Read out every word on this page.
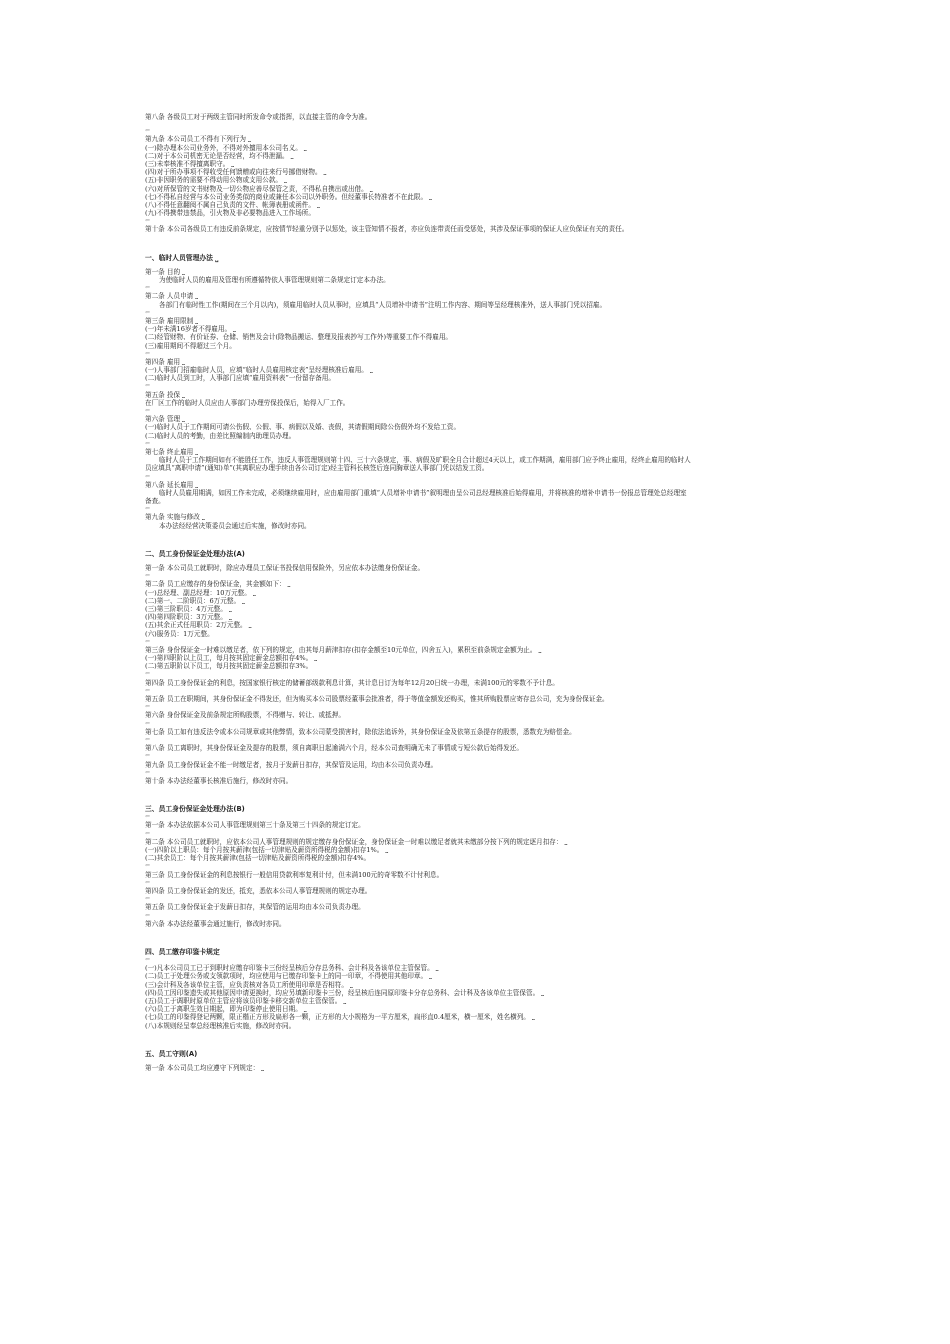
第八条 各级员工对于两级主管同时所发命令或指挥，以直接主管的命令为准。
⇐
第九条 本公司员工不得有下列行为 ⎵
(一)除办理本公司业务外，不得对外擅用本公司名义。 ⎵
(二)对于本公司机密无论是否经营，均不得泄漏。 ⎵
(三)未奉核准不得擅离职守。 ⎵
(四)对于所办事项不得收受任何馈赠或向往来行号挪借财物。 ⎵
(五)非因职务的需要不得动用公物或支用公款。 ⎵
(六)对所保管的文书财物及一切公物应善尽保管之责，不得私自携出或出借。 ⎵
(七)不得私自经营与本公司业务类似的商业或兼任本公司以外职务。但经董事长特准者不在此限。 ⎵
(八)不得任意翻阅不属自己负责的文件、帐簿表册或函件。 ⎵
(九)不得携带违禁品，引火物及非必要物品进入工作场所。
⇐
第十条 本公司各级员工有违反前条规定，应按情节轻重分别予以惩处，该主管知情不报者，亦应负连带责任而受惩处，其涉及保证事项的保证人应负保证有关的责任。
一、临时人员管理办法 ⎵
第一条 目的 ⎵
为使临时人员的雇用及管理有所遵循特依人事管理规则第二条规定订定本办法。
⇐
第二条 人员申请 ⎵
各部门有临时性工作(期间在三个月以内)，须雇用临时人员从事时，应填具“人员增补申请书”注明工作内容、期间等呈经理核准外，送人事部门凭以招雇。
⇐
第三条 雇用限制 ⎵
(一)年未满16岁者不得雇用。 ⎵
(二)经管财物、有价证券、仓储、销售及会计(除物品搬运、整理及报表抄写工作外)等重要工作不得雇用。
(三)雇用期间不得超过三个月。
⇐
第四条 雇用 ⎵
(一)人事部门招雇临时人员，应填“临时人员雇用核定表”呈经理核准后雇用。 ⎵
(二)临时人员到工时，人事部门应填“雇用资料表”一份留存备用。
⇐
第五条 投保 ⎵
在厂区工作的临时人员应由人事部门办理劳保投保后，始得入厂工作。
⇐
第六条 管理 ⎵
(一)临时人员于工作期间可请公伤假、公假、事、病假以及婚、丧假，其请假期间除公伤假外均不发给工资。
(二)临时人员的考勤，由差比照编制内助理员办理。
⇐
第七条 终止雇用 ⎵
临时人员于工作期间如有不能胜任工作，违反人事管理规则第十四、三十六条规定，事、病假及旷职全月合计超过4天以上，或工作期满，雇用部门应予终止雇用，经终止雇用的临时人
员应填具“离职申请”(通知)单”(其离职应办理手续由各公司订定)经主管科长核签后连同胸章送人事部门凭以结发工资。
⇐
第八条 延长雇用 ⎵
临时人员雇用期满，如因工作未完成，必须继续雇用时，应由雇用部门重填“人员增补申请书”叙明理由呈公司总经理核准后始得雇用，并将核准的增补申请书一份报总管理处总经理室
备查。
⇐
第九条 实施与修改 ⎵
本办法经经营决策委员会通过后实施，修改时亦同。
二、员工身份保证金处理办法(A)
第一条 本公司员工就职时，除应办理员工保证书投保信用保险外，另应依本办法缴身份保证金。
⇐
第二条 员工应缴存的身份保证金，其金额如下： ⎵
(一)总经理、副总经理：10万元整。 ⎵
(二)第一、二阶职员：6万元整。 ⎵
(三)第三阶职员：4万元整。 ⎵
(四)第四阶职员：3万元整。 ⎵
(五)其余正式任用职员：2万元整。 ⎵
(六)服务员：1万元整。
⇐
第三条 身份保证金一时难以缴足者，依下列的规定，由其每月薪津扣存(扣存金额至10元单位，四舍五入)，累积至前条规定金额为止。 ⎵
(一)第四职阶以上员工，每月按其固定薪金总额扣存4%。 ⎵
(二)第五职阶以下员工，每月按其固定薪金总额扣存3%。
⇐
第四条 员工身份保证金的利息，按国家银行核定的储蓄部级款利息计算，其计息日订为每年12月20日统一办理，未满100元的零数不予计息。
⇐
第五条 员工在职期间，其身份保证金不得发还，但为购买本公司股票经董事会批准者，得于等值金额发还购买，惟其所购股票应寄存总公司，充为身份保证金。
⇐
第六条 身份保证金及前条规定所购股票，不得赠与、转让、或抵押。
⇐
第七条 员工如有违反法令或本公司规章或其他弊情，致本公司蒙受损害时，除依法追诉外，其身份保证金及依第五条提存的股票，悉数充为赔偿金。
⇐
第八条 员工离职时，其身份保证金及提存的股票，须自离职日起逾满六个月，经本公司查明确无未了事情或亏短公款后始得发还。
⇐
第九条 员工身份保证金不能一时缴足者，按月于发薪日扣存，其保管及运用，均由本公司负责办理。
⇐
第十条 本办法经董事长核准后施行，修改时亦同。
三、员工身份保证金处理办法(B)
⇐
第一条 本办法依据本公司人事管理规则第三十条及第三十四条的规定订定。
⇐
第二条 本公司员工就职时，应依本公司人事管理规则的规定缴存身份保证金，身份保证金一时难以缴足者就其未缴部分按下列的规定逐月扣存： ⎵
(一)四阶以上职员：每个月按其薪津(包括一切津贴及薪资所得税的金额)扣存1%。 ⎵
(二)其余员工：每个月按其薪津(包括一切津贴及薪资所得税的金额)扣存4%。
⇐
第三条 员工身份保证金的利息按银行一般信用贷款利率复利计付，但未满100元的奇零数不计付利息。
⇐
第四条 员工身份保证金的发还，抵充，悉依本公司人事管理规则的规定办理。
⇐
第五条 员工身份保证金于发薪日扣存，其保管的运用均由本公司负责办理。
⇐
第六条 本办法经董事会通过施行，修改时亦同。
四、员工缴存印鉴卡规定
⇐
(一)凡本公司员工已于到职时应缴存印鉴卡三份经呈核后分存总务科、会计科及各该单位主管保管。 ⎵
(二)员工于处理公务或支领款项时，均应使用与已缴存印鉴卡上的同一印章，不得使用其他印章。 ⎵
(三)会计科及各该单位主管，应负责核对各员工所使用印章是否相符。 ⎵
(四)员工因印鉴遗失或其他原因申请更换时，均应另填新印鉴卡三份，经呈核后连同原印鉴卡分存总务科、会计科及各该单位主管保管。 ⎵
(五)员工于调职时原单位主管应将该员印鉴卡移交新单位主管保管。 ⎵
(六)员工于离职生效日期起，即为印鉴停止使用日期。 ⎵
(七)员工的印鉴得登记两颗，限正楷正方形及扁形各一颗，正方形的大小规格为一平方厘米，扁形直0.4厘米，横一厘米，姓名横列。 ⎵
(八)本规则经呈奉总经理核准后实施，修改时亦同。
五、员工守则(A)
第一条 本公司员工均应遵守下列规定： ⎵
